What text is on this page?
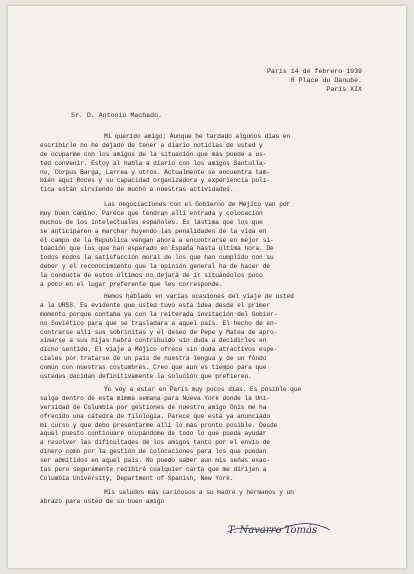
Paris 14 de febrero 1939
8 Place du Danube.
Paris XIX
Sr. D. Antonio Machado.
Mi querido amigo: Aunque he tardado algunos dias en
escribirle no he dejado de tener a diario noticias de usted y
de ocuparme con los amigos de la situación que más puede a us-
ted convenir. Estoy al habla a diario con los amigos Santulla-
no, Corpus Barga, Larrea y otros. Actualmente se encuentra tam-
bién aquí Roces y su capacidad organizadora y experiencia polí-
tica están sirviendo de mucho a nuestras actividades.
Las negociaciones con el Gobierno de Méjico van por
muy buen camino. Parece que tendran allí entrada y colocación
muchos de los intelectuales españoles. Es lástima que los que
se anticiparon a marchar huyendo las penalidades de la vida en
el campo de la República vengan ahora a encontrarse en mejor si-
tuación que los que han esperado en España hasta última hora. De
todos modos la satisfacción moral de los que han cumplido con su
deber y el reconocimiento que la opinión general ha de hacer de
la conducta de estos últimos no dejará de ir situándolos poco
a poco en el lugar preferente que les corresponde.
Hemos hablado en varias ocasiones del viaje de usted
a la URSS. Es evidente que usted tuvo esta idea desde el primer
momento porque contaba ya con la reiterada invitación del Gobier-
no Soviético para que se trasladara a aquel país. El hecho de en-
contrarse allí sus sobrinitas y el deseo de Pepe y Matea de apro-
ximarse a sus hijas habrá contribuido sin duda a decidirles en
dicho sentido. El viaje a Méjico ofrece sin duda atractivos espe-
ciales por tratarse de un país de nuestra lengua y de un fondo
común con nuestras costumbres. Creo que aun es tiempo para que
ustedes decidan definitivamente la solución que prefieren.
Yo voy a estar en París muy pocos días. Es posible que
salga dentro de esta mimma semana para Nueva York donde la Uni-
versidad de Columbia por gestiones de nuestro amigo Onís me ha
ofrecido una cátedra de filología. Parece que está ya anunciado
mi curso y que debo presentarme allí lo más pronto posible. Desde
aquel puesto continuaré ocupándome de todo lo que pueda ayudar
a resolver las dificultades de los amigos tanto por el envío de
dinero como por la gestión de colocaciones para los que puedan
ser admitidos en aquel país. No puedo saber aun mis señas exac-
tas pero seguramente recibiré cualquier carta que me dirijan a
Columbia University, Department of Spanish, New York.
Mis saludos más cariñosos a su madre y hermanos y un
abrazo para usted de su buen amigo
T. Navarro Tomás
